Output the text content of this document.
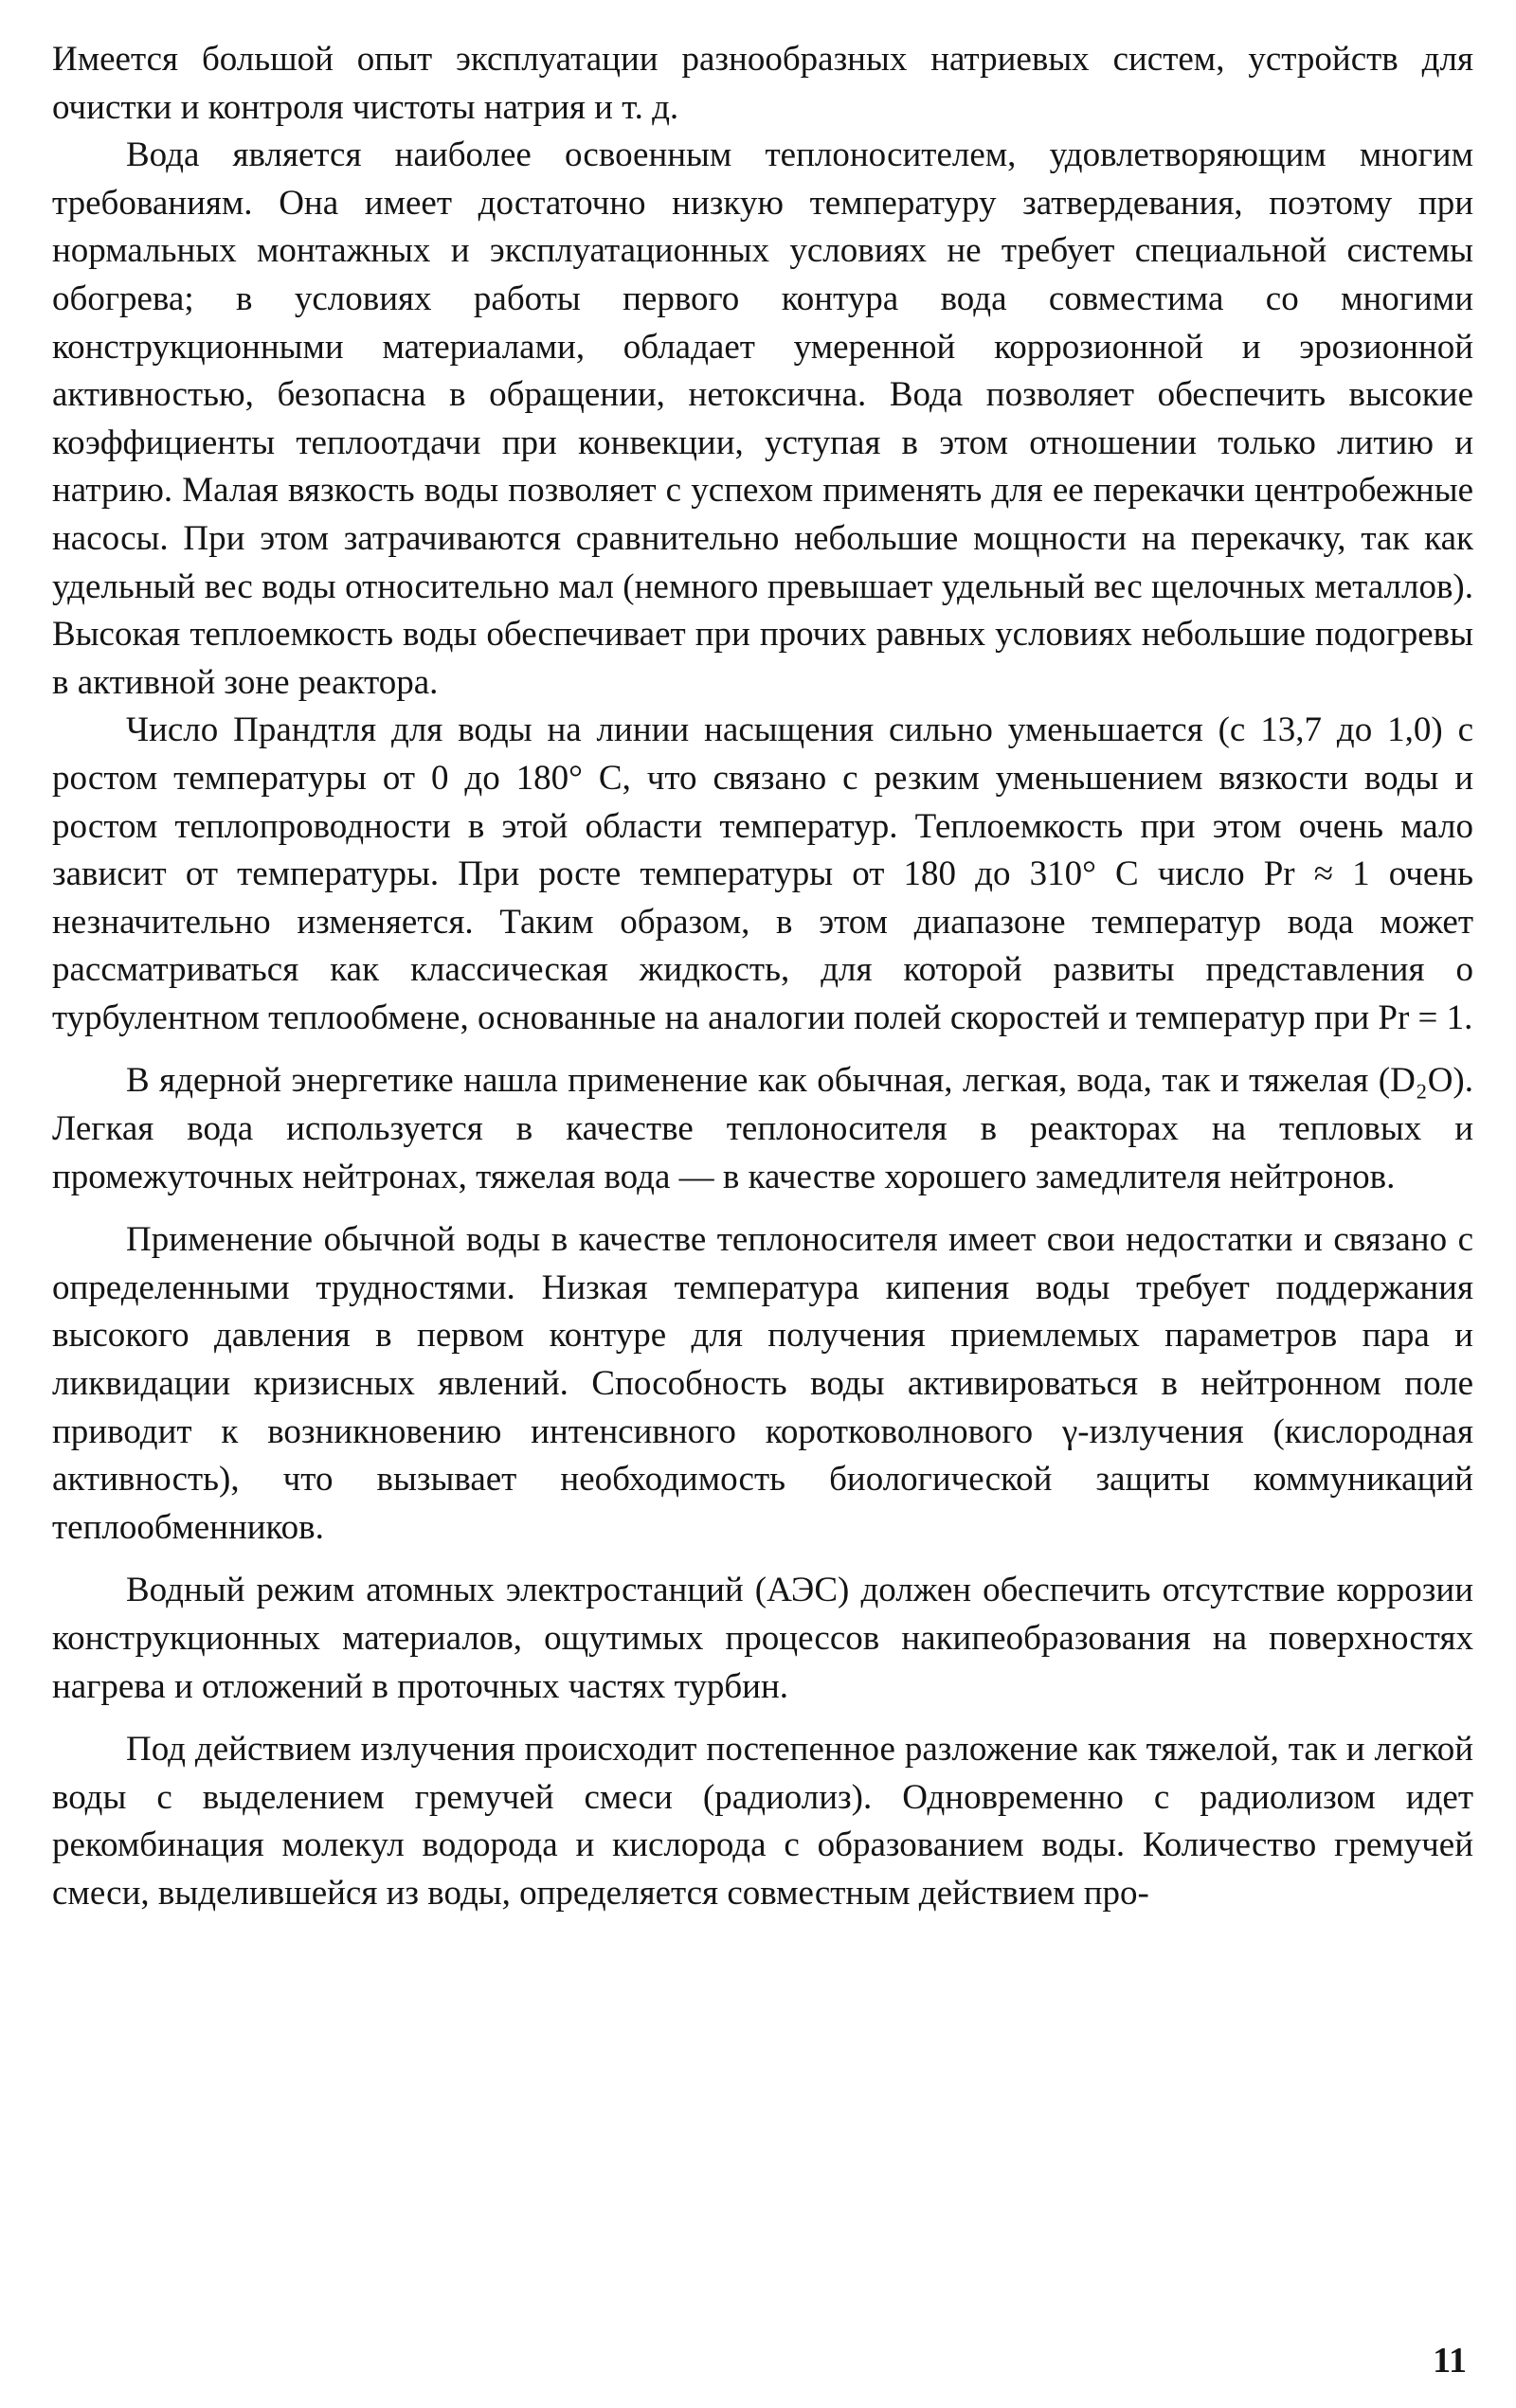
Имеется большой опыт эксплуатации разнообразных натриевых систем, устройств для очистки и контроля чистоты натрия и т. д.

Вода является наиболее освоенным теплоносителем, удовлетворяющим многим требованиям. Она имеет достаточно низкую температуру затвердевания, поэтому при нормальных монтажных и эксплуатационных условиях не требует специальной системы обогрева; в условиях работы первого контура вода совместима со многими конструкционными материалами, обладает умеренной коррозионной и эрозионной активностью, безопасна в обращении, нетоксична. Вода позволяет обеспечить высокие коэффициенты теплоотдачи при конвекции, уступая в этом отношении только литию и натрию. Малая вязкость воды позволяет с успехом применять для ее перекачки центробежные насосы. При этом затрачиваются сравнительно небольшие мощности на перекачку, так как удельный вес воды относительно мал (немного превышает удельный вес щелочных металлов). Высокая теплоемкость воды обеспечивает при прочих равных условиях небольшие подогревы в активной зоне реактора.

Число Прандтля для воды на линии насыщения сильно уменьшается (с 13,7 до 1,0) с ростом температуры от 0 до 180° С, что связано с резким уменьшением вязкости воды и ростом теплопроводности в этой области температур. Теплоемкость при этом очень мало зависит от температуры. При росте температуры от 180 до 310° С число Pr ≈ 1 очень незначительно изменяется. Таким образом, в этом диапазоне температур вода может рассматриваться как классическая жидкость, для которой развиты представления о турбулентном теплообмене, основанные на аналогии полей скоростей и температур при Pr = 1.

В ядерной энергетике нашла применение как обычная, легкая, вода, так и тяжелая (D₂O). Легкая вода используется в качестве теплоносителя в реакторах на тепловых и промежуточных нейтронах, тяжелая вода — в качестве хорошего замедлителя нейтронов.

Применение обычной воды в качестве теплоносителя имеет свои недостатки и связано с определенными трудностями. Низкая температура кипения воды требует поддержания высокого давления в первом контуре для получения приемлемых параметров пара и ликвидации кризисных явлений. Способность воды активироваться в нейтронном поле приводит к возникновению интенсивного коротковолнового γ-излучения (кислородная активность), что вызывает необходимость биологической защиты коммуникаций теплообменников.

Водный режим атомных электростанций (АЭС) должен обеспечить отсутствие коррозии конструкционных материалов, ощутимых процессов накипеобразования на поверхностях нагрева и отложений в проточных частях турбин.

Под действием излучения происходит постепенное разложение как тяжелой, так и легкой воды с выделением гремучей смеси (радиолиз). Одновременно с радиолизом идет рекомбинация молекул водорода и кислорода с образованием воды. Количество гремучей смеси, выделившейся из воды, определяется совместным действием про-

11
